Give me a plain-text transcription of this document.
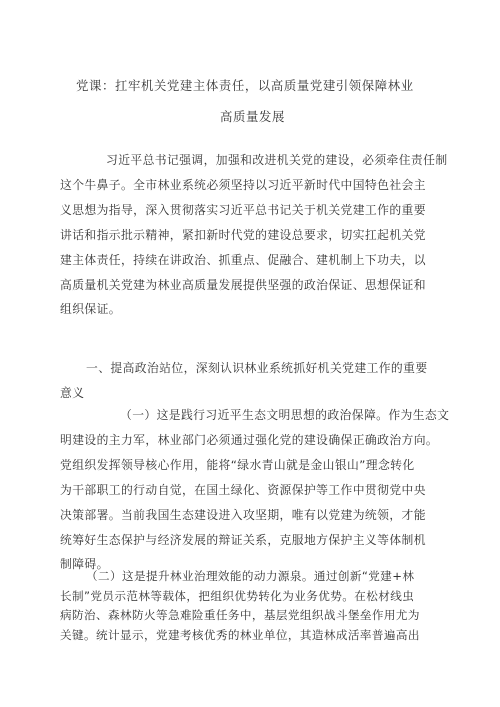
党课：扛牢机关党建主体责任，以高质量党建引领保障林业
高质量发展
习近平总书记强调，加强和改进机关党的建设，必须牵住责任制
这个牛鼻子。全市林业系统必须坚持以习近平新时代中国特色社会主
义思想为指导，深入贯彻落实习近平总书记关于机关党建工作的重要
讲话和指示批示精神，紧扣新时代党的建设总要求，切实扛起机关党
建主体责任，持续在讲政治、抓重点、促融合、建机制上下功夫，以
高质量机关党建为林业高质量发展提供坚强的政治保证、思想保证和
组织保证。
一、提高政治站位，深刻认识林业系统抓好机关党建工作的重要
意义
（一）这是践行习近平生态文明思想的政治保障。作为生态文
明建设的主力军，林业部门必须通过强化党的建设确保正确政治方向。
党组织发挥领导核心作用，能将“绿水青山就是金山银山”理念转化
为干部职工的行动自觉，在国土绿化、资源保护等工作中贯彻党中央
决策部署。当前我国生态建设进入攻坚期，唯有以党建为统领，才能
统筹好生态保护与经济发展的辩证关系，克服地方保护主义等体制机
制障碍。
（二）这是提升林业治理效能的动力源泉。通过创新“党建+林
长制”党员示范林等载体，把组织优势转化为业务优势。在松材线虫
病防治、森林防火等急难险重任务中，基层党组织战斗堡垒作用尤为
关键。统计显示，党建考核优秀的林业单位，其造林成活率普遍高出
